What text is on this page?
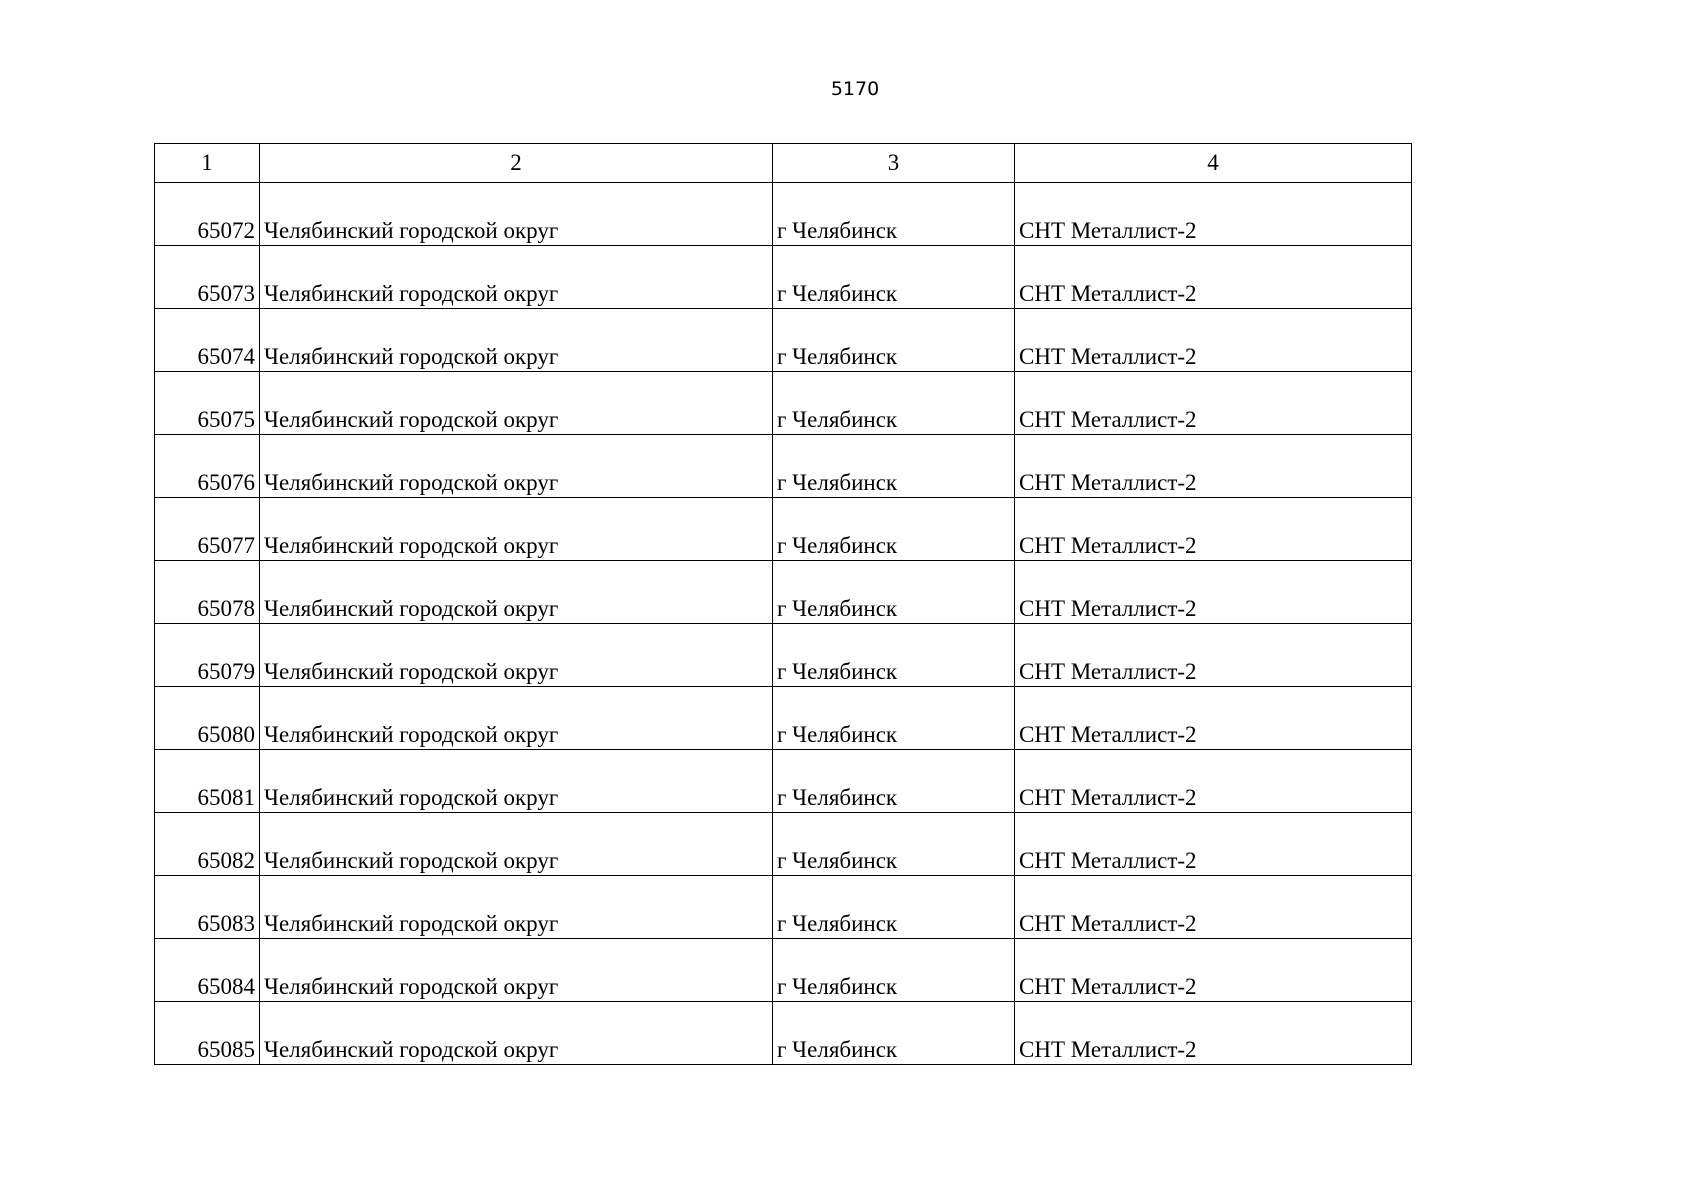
5170
1	2	3	4
65072	Челябинский городской округ	г Челябинск	СНТ Металлист-2
65073	Челябинский городской округ	г Челябинск	СНТ Металлист-2
65074	Челябинский городской округ	г Челябинск	СНТ Металлист-2
65075	Челябинский городской округ	г Челябинск	СНТ Металлист-2
65076	Челябинский городской округ	г Челябинск	СНТ Металлист-2
65077	Челябинский городской округ	г Челябинск	СНТ Металлист-2
65078	Челябинский городской округ	г Челябинск	СНТ Металлист-2
65079	Челябинский городской округ	г Челябинск	СНТ Металлист-2
65080	Челябинский городской округ	г Челябинск	СНТ Металлист-2
65081	Челябинский городской округ	г Челябинск	СНТ Металлист-2
65082	Челябинский городской округ	г Челябинск	СНТ Металлист-2
65083	Челябинский городской округ	г Челябинск	СНТ Металлист-2
65084	Челябинский городской округ	г Челябинск	СНТ Металлист-2
65085	Челябинский городской округ	г Челябинск	СНТ Металлист-2
